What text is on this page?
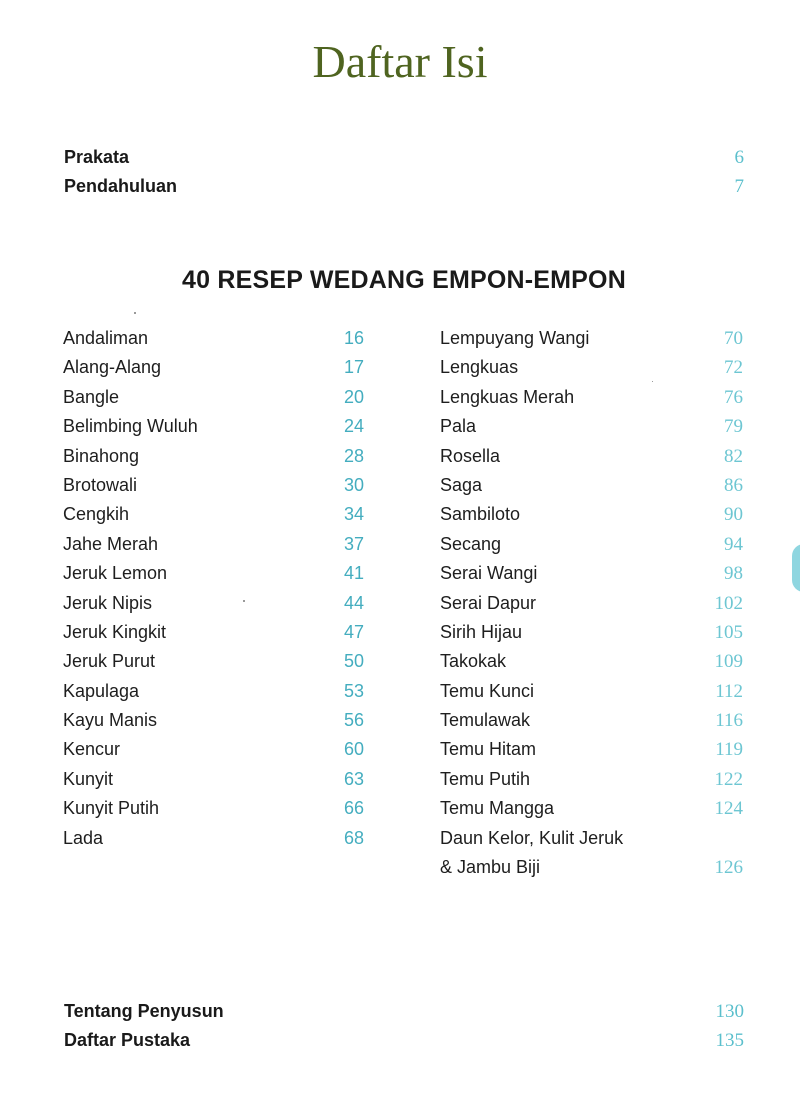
Daftar Isi
Prakata	6
Pendahuluan	7
40 RESEP WEDANG EMPON-EMPON
Andaliman	16
Alang-Alang	17
Bangle	20
Belimbing Wuluh	24
Binahong	28
Brotowali	30
Cengkih	34
Jahe Merah	37
Jeruk Lemon	41
Jeruk Nipis	44
Jeruk Kingkit	47
Jeruk Purut	50
Kapulaga	53
Kayu Manis	56
Kencur	60
Kunyit	63
Kunyit Putih	66
Lada	68
Lempuyang Wangi	70
Lengkuas	72
Lengkuas Merah	76
Pala	79
Rosella	82
Saga	86
Sambiloto	90
Secang	94
Serai Wangi	98
Serai Dapur	102
Sirih Hijau	105
Takokak	109
Temu Kunci	112
Temulawak	116
Temu Hitam	119
Temu Putih	122
Temu Mangga	124
Daun Kelor, Kulit Jeruk
& Jambu Biji	126
Tentang Penyusun	130
Daftar Pustaka	135
